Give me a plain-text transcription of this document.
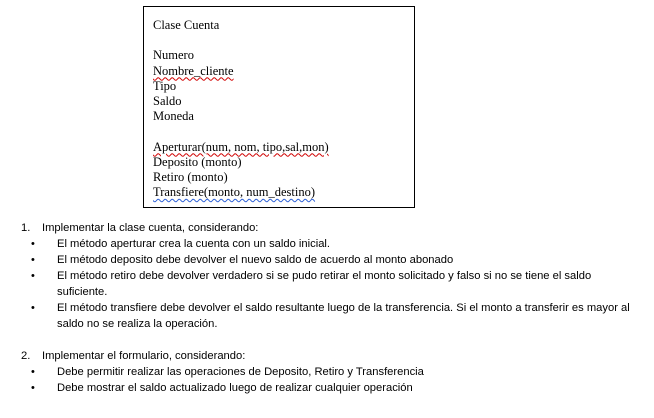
Clase Cuenta
Numero
Nombre_cliente
Tipo
Saldo
Moneda
Aperturar(num, nom, tipo,sal,mon)
Deposito (monto)
Retiro (monto)
Transfiere(monto, num_destino)
1. Implementar la clase cuenta, considerando:
• El método aperturar crea la cuenta con un saldo inicial.
• El método deposito debe devolver el nuevo saldo de acuerdo al monto abonado
• El método retiro debe devolver verdadero si se pudo retirar el monto solicitado y falso si no se tiene el saldo suficiente.
• El método transfiere debe devolver el saldo resultante luego de la transferencia. Si el monto a transferir es mayor al saldo no se realiza la operación.
2. Implementar el formulario, considerando:
• Debe permitir realizar las operaciones de Deposito, Retiro y Transferencia
• Debe mostrar el saldo actualizado luego de realizar cualquier operación
